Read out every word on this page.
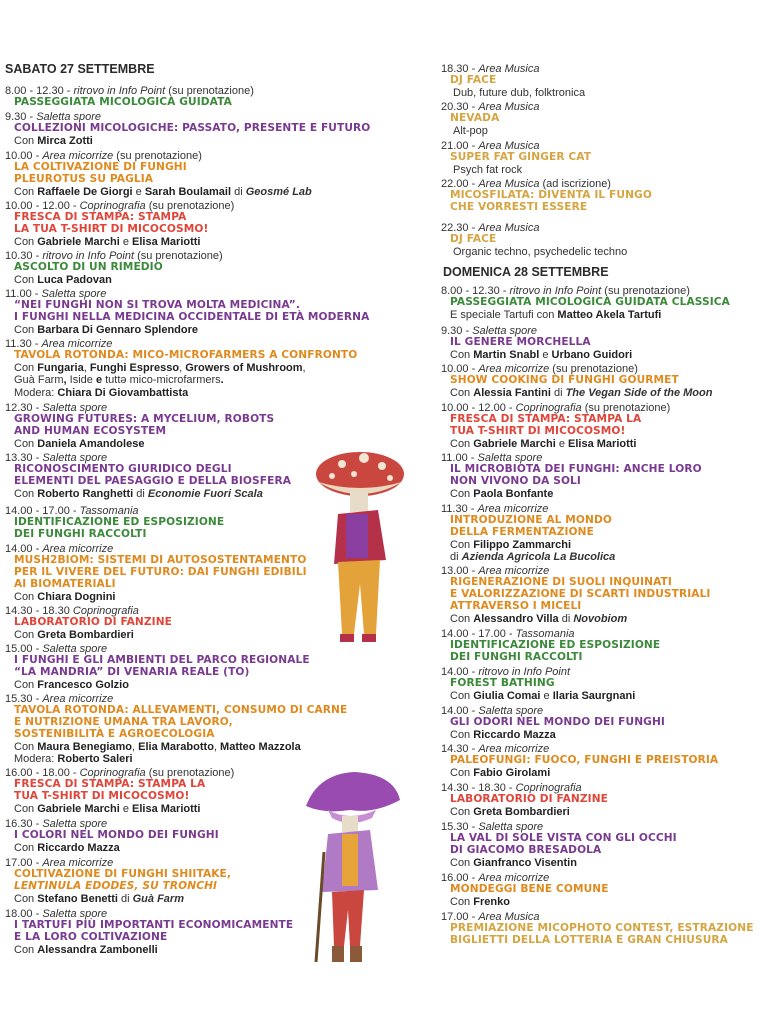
SABATO 27 SETTEMBRE
8.00 - 12.30 - ritrovo in Info Point (su prenotazione)
PASSEGGIATA MICOLOGICA GUIDATA
9.30 - Saletta spore
COLLEZIONI MICOLOGICHE: PASSATO, PRESENTE E FUTURO
Con Mirca Zotti
10.00 - Area micorrize (su prenotazione)
LA COLTIVAZIONE DI FUNGHI
PLEUROTUS SU PAGLIA
Con Raffaele De Giorgi e Sarah Boulamail di Geosmé Lab
10.00 - 12.00 - Coprinografia (su prenotazione)
FRESCA DI STAMPA: STAMPA
LA TUA T-SHIRT DI MICOCOSMO!
Con Gabriele Marchi e Elisa Mariotti
10.30 - ritrovo in Info Point (su prenotazione)
ASCOLTO DI UN RIMEDIO
Con Luca Padovan
11.00 - Saletta spore
“NEI FUNGHI NON SI TROVA MOLTA MEDICINA”.
I FUNGHI NELLA MEDICINA OCCIDENTALE DI ETÀ MODERNA
Con Barbara Di Gennaro Splendore
11.30 - Area micorrize
TAVOLA ROTONDA: MICO-MICROFARMERS A CONFRONTO
Con Fungaria, Funghi Espresso, Growers of Mushroom,
Guà Farm, Iside e tuttə mico-microfarmers.
Modera: Chiara Di Giovambattista
12.30 - Saletta spore
GROWING FUTURES: A MYCELIUM, ROBOTS
AND HUMAN ECOSYSTEM
Con Daniela Amandolese
13.30 - Saletta spore
RICONOSCIMENTO GIURIDICO DEGLI
ELEMENTI DEL PAESAGGIO E DELLA BIOSFERA
Con Roberto Ranghetti di Economie Fuori Scala
14.00 - 17.00 - Tassomania
IDENTIFICAZIONE ED ESPOSIZIONE
DEI FUNGHI RACCOLTI
14.00 - Area micorrize
MUSH2BIOM: SISTEMI DI AUTOSOSTENTAMENTO
PER IL VIVERE DEL FUTURO: DAI FUNGHI EDIBILI
AI BIOMATERIALI
Con Chiara Dognini
14.30 - 18.30 Coprinografia
LABORATORIO DI FANZINE
Con Greta Bombardieri
15.00 - Saletta spore
I FUNGHI E GLI AMBIENTI DEL PARCO REGIONALE
“LA MANDRIA” DI VENARIA REALE (TO)
Con Francesco Golzio
15.30 - Area micorrize
TAVOLA ROTONDA: ALLEVAMENTI, CONSUMO DI CARNE
E NUTRIZIONE UMANA TRA LAVORO,
SOSTENIBILITÀ E AGROECOLOGIA
Con Maura Benegiamo, Elia Marabotto, Matteo Mazzola
Modera: Roberto Saleri
16.00 - 18.00 - Coprinografia (su prenotazione)
FRESCA DI STAMPA: STAMPA LA
TUA T-SHIRT DI MICOCOSMO!
Con Gabriele Marchi e Elisa Mariotti
16.30 - Saletta spore
I COLORI NEL MONDO DEI FUNGHI
Con Riccardo Mazza
17.00 - Area micorrize
COLTIVAZIONE DI FUNGHI SHIITAKE,
LENTINULA EDODES, SU TRONCHI
Con Stefano Benetti di Guà Farm
18.00 - Saletta spore
I TARTUFI PIÙ IMPORTANTI ECONOMICAMENTE
E LA LORO COLTIVAZIONE
Con Alessandra Zambonelli
DOMENICA 28 SETTEMBRE
18.30 - Area Musica
DJ FACE
Dub, future dub, folktronica
20.30 - Area Musica
NEVADA
Alt-pop
21.00 - Area Musica
SUPER FAT GINGER CAT
Psych fat rock
22.00 - Area Musica (ad iscrizione)
MICOSFILATA: DIVENTA IL FUNGO
CHE VORRESTI ESSERE
22.30 - Area Musica
DJ FACE
Organic techno, psychedelic techno
8.00 - 12.30 - ritrovo in Info Point (su prenotazione)
PASSEGGIATA MICOLOGICA GUIDATA CLASSICA
E speciale Tartufi con Matteo Akela Tartufi
9.30 - Saletta spore
IL GENERE MORCHELLA
Con Martin Snabl e Urbano Guidori
10.00 - Area micorrize (su prenotazione)
SHOW COOKING DI FUNGHI GOURMET
Con Alessia Fantini di The Vegan Side of the Moon
10.00 - 12.00 - Coprinografia (su prenotazione)
FRESCA DI STAMPA: STAMPA LA
TUA T-SHIRT DI MICOCOSMO!
Con Gabriele Marchi e Elisa Mariotti
11.00 - Saletta spore
IL MICROBIOTA DEI FUNGHI: ANCHE LORO
NON VIVONO DA SOLI
Con Paola Bonfante
11.30 - Area micorrize
INTRODUZIONE AL MONDO
DELLA FERMENTAZIONE
Con Filippo Zammarchi
di Azienda Agricola La Bucolica
13.00 - Area micorrize
RIGENERAZIONE DI SUOLI INQUINATI
E VALORIZZAZIONE DI SCARTI INDUSTRIALI
ATTRAVERSO I MICELI
Con Alessandro Villa di Novobiom
14.00 - 17.00 - Tassomania
IDENTIFICAZIONE ED ESPOSIZIONE
DEI FUNGHI RACCOLTI
14.00 - ritrovo in Info Point
FOREST BATHING
Con Giulia Comai e Ilaria Saurgnani
14.00 - Saletta spore
GLI ODORI NEL MONDO DEI FUNGHI
Con Riccardo Mazza
14.30 - Area micorrize
PALEOFUNGI: FUOCO, FUNGHI E PREISTORIA
Con Fabio Girolami
14.30 - 18.30 - Coprinografia
LABORATORIO DI FANZINE
Con Greta Bombardieri
15.30 - Saletta spore
LA VAL DI SOLE VISTA CON GLI OCCHI
DI GIACOMO BRESADOLA
Con Gianfranco Visentin
16.00 - Area micorrize
MONDEGGI BENE COMUNE
Con Frenko
17.00 - Area Musica
PREMIAZIONE MICOPHOTO CONTEST, ESTRAZIONE
BIGLIETTI DELLA LOTTERIA E GRAN CHIUSURA
